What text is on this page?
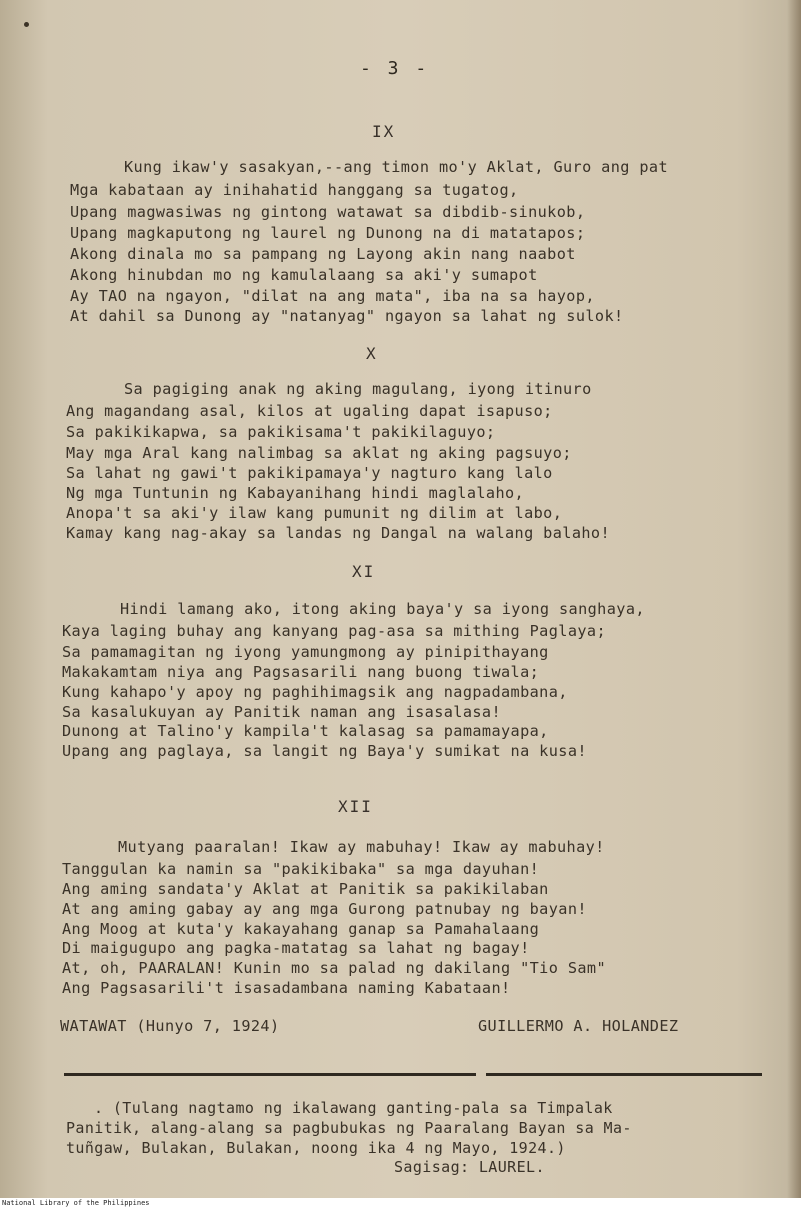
- 3 -
IX
Kung ikaw'y sasakyan,--ang timon mo'y Aklat, Guro ang pat
Mga kabataan ay inihahatid hanggang sa tugatog,
Upang magwasiwas ng gintong watawat sa dibdib-sinukob,
Upang magkaputong ng laurel ng Dunong na di matatapos;
Akong dinala mo sa pampang ng Layong akin nang naabot
Akong hinubdan mo ng kamulalaang sa aki'y sumapot
Ay TAO na ngayon, "dilat na ang mata", iba na sa hayop,
At dahil sa Dunong ay "natanyag" ngayon sa lahat ng sulok!
X
Sa pagiging anak ng aking magulang, iyong itinuro
Ang magandang asal, kilos at ugaling dapat isapuso;
Sa pakikikapwa, sa pakikisama't pakikilaguyo;
May mga Aral kang nalimbag sa aklat ng aking pagsuyo;
Sa lahat ng gawi't pakikipamaya'y nagturo kang lalo
Ng mga Tuntunin ng Kabayanihang hindi maglalaho,
Anopa't sa aki'y ilaw kang pumunit ng dilim at labo,
Kamay kang nag-akay sa landas ng Dangal na walang balaho!
XI
Hindi lamang ako, itong aking baya'y sa iyong sanghaya,
Kaya laging buhay ang kanyang pag-asa sa mithing Paglaya;
Sa pamamagitan ng iyong yamungmong ay pinipithayang
Makakamtam niya ang Pagsasarili nang buong tiwala;
Kung kahapo'y apoy ng paghihimagsik ang nagpadambana,
Sa kasalukuyan ay Panitik naman ang isasalasa!
Dunong at Talino'y kampila't kalasag sa pamamayapa,
Upang ang paglaya, sa langit ng Baya'y sumikat na kusa!
XII
Mutyang paaralan! Ikaw ay mabuhay! Ikaw ay mabuhay!
Tanggulan ka namin sa "pakikibaka" sa mga dayuhan!
Ang aming sandata'y Aklat at Panitik sa pakikilaban
At ang aming gabay ay ang mga Gurong patnubay ng bayan!
Ang Moog at kuta'y kakayahang ganap sa Pamahalaang
Di maigugupo ang pagka-matatag sa lahat ng bagay!
At, oh, PAARALAN! Kunin mo sa palad ng dakilang "Tio Sam"
Ang Pagsasarili't isasadambana naming Kabataan!
WATAWAT (Hunyo 7, 1924)	GUILLERMO A. HOLANDEZ
. (Tulang nagtamo ng ikalawang ganting-pala sa Timpalak
Panitik, alang-alang sa pagbubukas ng Paaralang Bayan sa Ma-
tuñgaw, Bulakan, Bulakan, noong ika 4 ng Mayo, 1924.)
Sagisag: LAUREL.
National Library of the Philippines
